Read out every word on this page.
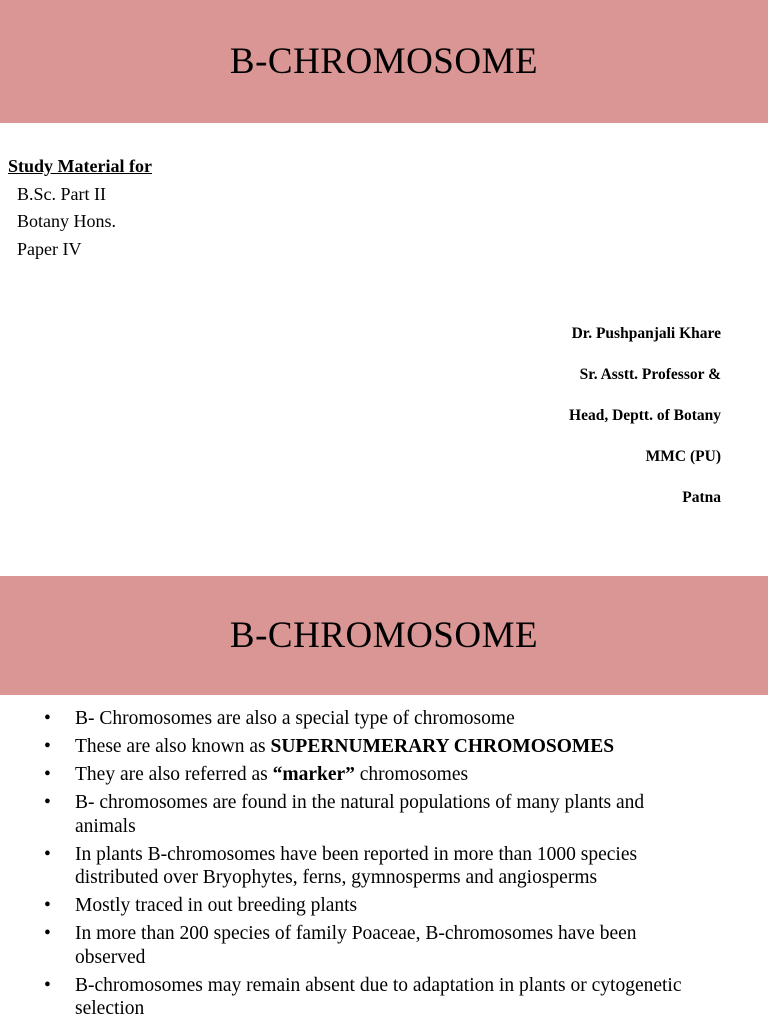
B-CHROMOSOME
Study Material for
B.Sc. Part II
Botany Hons.
Paper IV
Dr. Pushpanjali Khare
Sr. Asstt. Professor &
Head, Deptt. of Botany
MMC (PU)
Patna
B-CHROMOSOME
• B- Chromosomes are also a special type of chromosome
• These are also known as SUPERNUMERARY CHROMOSOMES
• They are also referred as “marker” chromosomes
• B- chromosomes are found in the natural populations of many plants and animals
• In plants B-chromosomes have been reported in more than 1000 species distributed over Bryophytes, ferns, gymnosperms and angiosperms
• Mostly traced in out breeding plants
• In more than 200 species of family Poaceae, B-chromosomes have been observed
• B-chromosomes may remain absent due to adaptation in plants or cytogenetic selection
